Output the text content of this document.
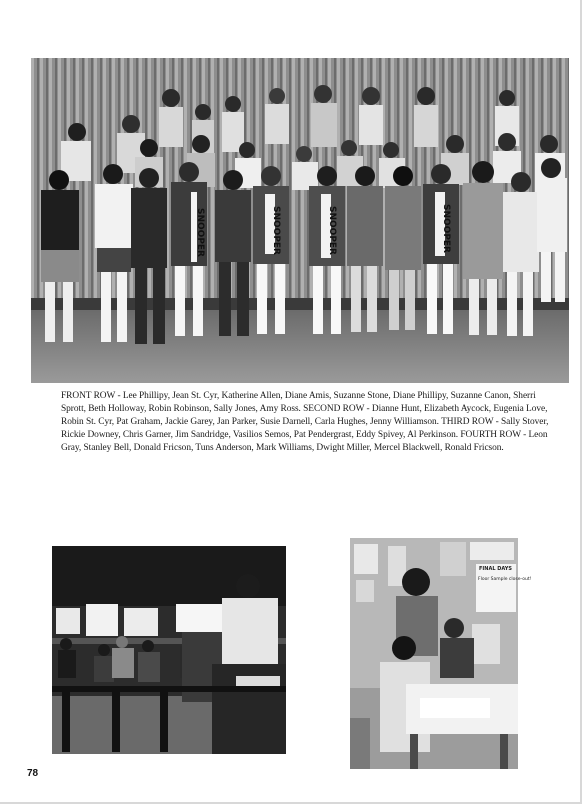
SNOOPER	SNOOPER	SNOOPER	SNOOPER
FRONT ROW - Lee Phillipy, Jean St. Cyr, Katherine Allen, Diane Amis, Suzanne Stone, Diane Phillipy, Suzanne Canon, Sherri Sprott, Beth Holloway, Robin Robinson, Sally Jones, Amy Ross. SECOND ROW - Dianne Hunt, Elizabeth Aycock, Eugenia Love, Robin St. Cyr, Pat Graham, Jackie Garey, Jan Parker, Susie Darnell, Carla Hughes, Jenny Williamson. THIRD ROW - Sally Stover, Rickie Downey, Chris Garner, Jim Sandridge, Vasilios Semos, Pat Pendergrast, Eddy Spivey, Al Perkinson. FOURTH ROW - Leon Gray, Stanley Bell, Donald Fricson, Tuns Anderson, Mark Williams, Dwight Miller, Mercel Blackwell, Ronald Fricson.
FINAL DAYS
Floor Sample close-out!
78
